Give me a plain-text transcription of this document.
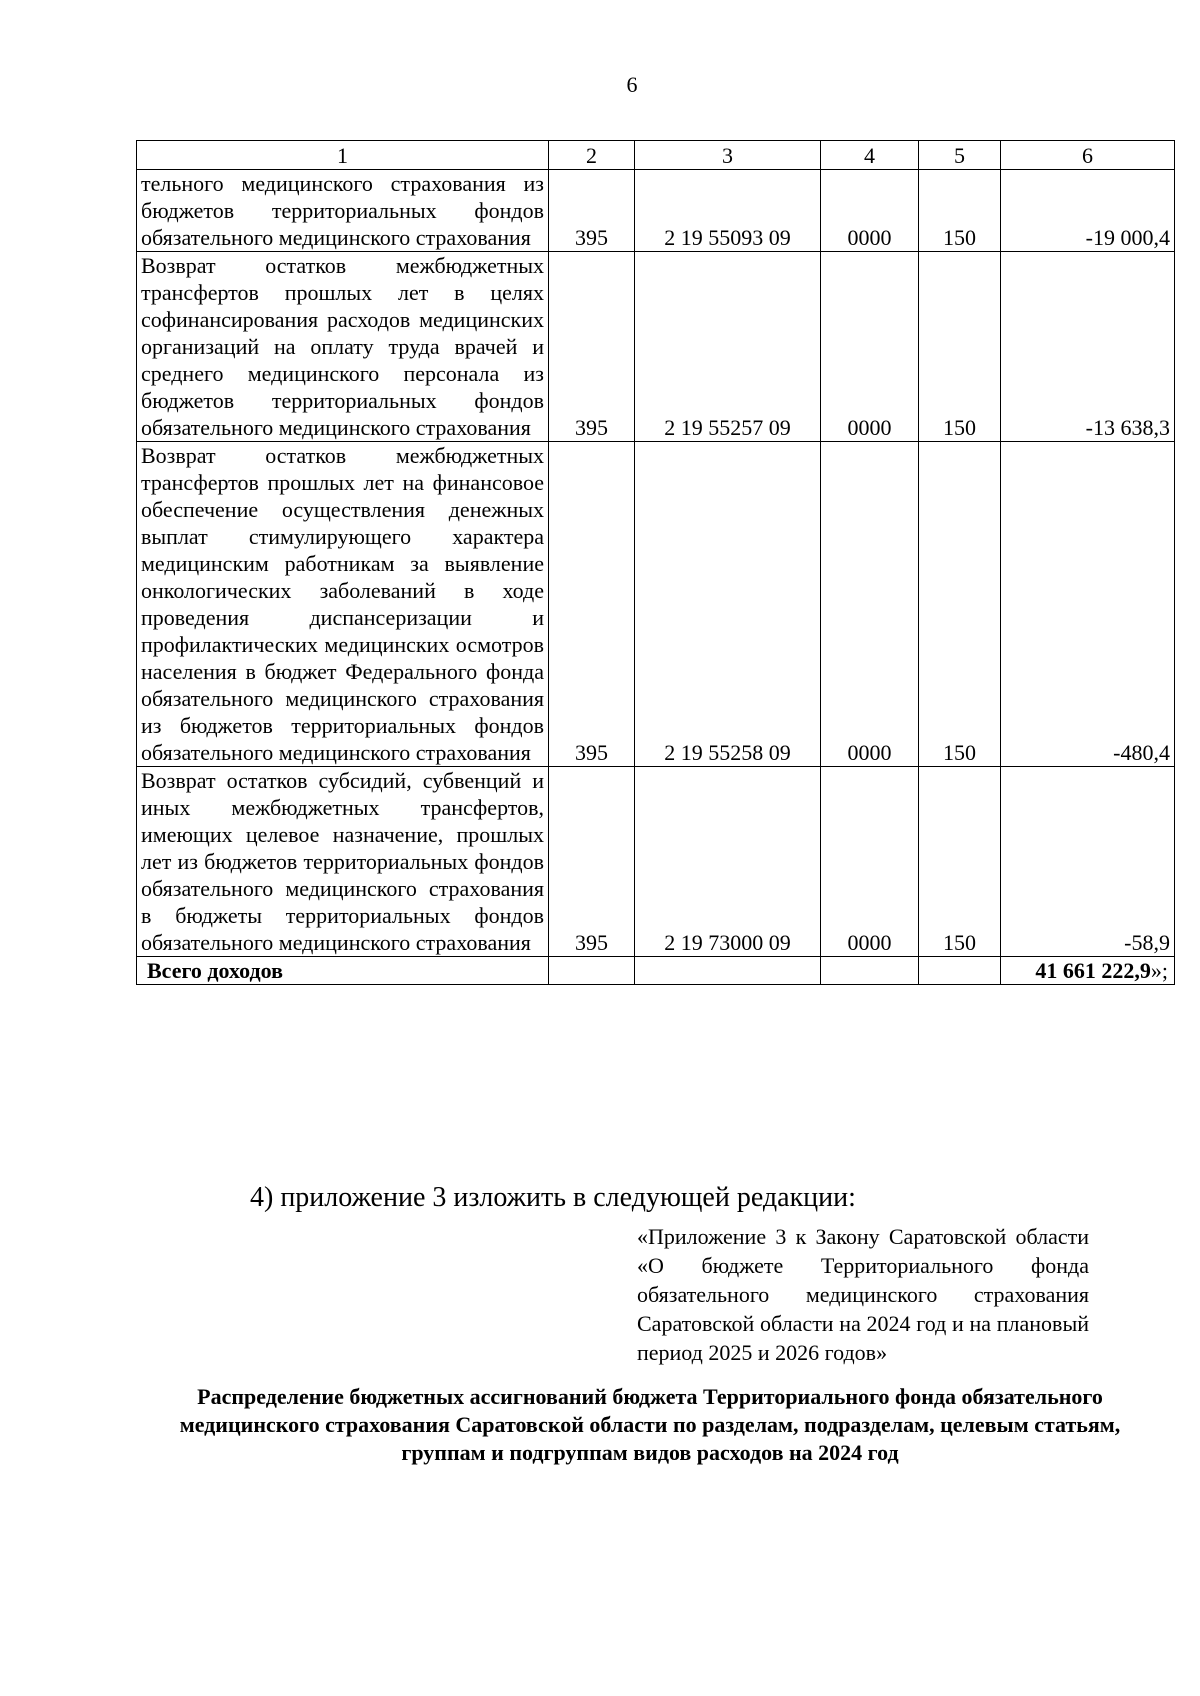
6
1	2	3	4	5	6
тельного медицинского страхования из бюджетов территориальных фондов обязательного медицинского страхования	395	2 19 55093 09	0000	150	-19 000,4
Возврат остатков межбюджетных трансфертов прошлых лет в целях софинансирования расходов медицинских организаций на оплату труда врачей и среднего медицинского персонала из бюджетов территориальных фондов обязательного медицинского страхования	395	2 19 55257 09	0000	150	-13 638,3
Возврат остатков межбюджетных трансфертов прошлых лет на финансовое обеспечение осуществления денежных выплат стимулирующего характера медицинским работникам за выявление онкологических заболеваний в ходе проведения диспансеризации и профилактических медицинских осмотров населения в бюджет Федерального фонда обязательного медицинского страхования из бюджетов территориальных фондов обязательного медицинского страхования	395	2 19 55258 09	0000	150	-480,4
Возврат остатков субсидий, субвенций и иных межбюджетных трансфертов, имеющих целевое назначение, прошлых лет из бюджетов территориальных фондов обязательного медицинского страхования в бюджеты территориальных фондов обязательного медицинского страхования	395	2 19 73000 09	0000	150	-58,9
Всего доходов					41 661 222,9»;
4) приложение 3 изложить в следующей редакции:
«Приложение 3 к Закону Саратовской области «О бюджете Территориального фонда обязательного медицинского страхования Саратовской области на 2024 год и на плановый период 2025 и 2026 годов»
Распределение бюджетных ассигнований бюджета Территориального фонда обязательного медицинского страхования Саратовской области по разделам, подразделам, целевым статьям, группам и подгруппам видов расходов на 2024 год
